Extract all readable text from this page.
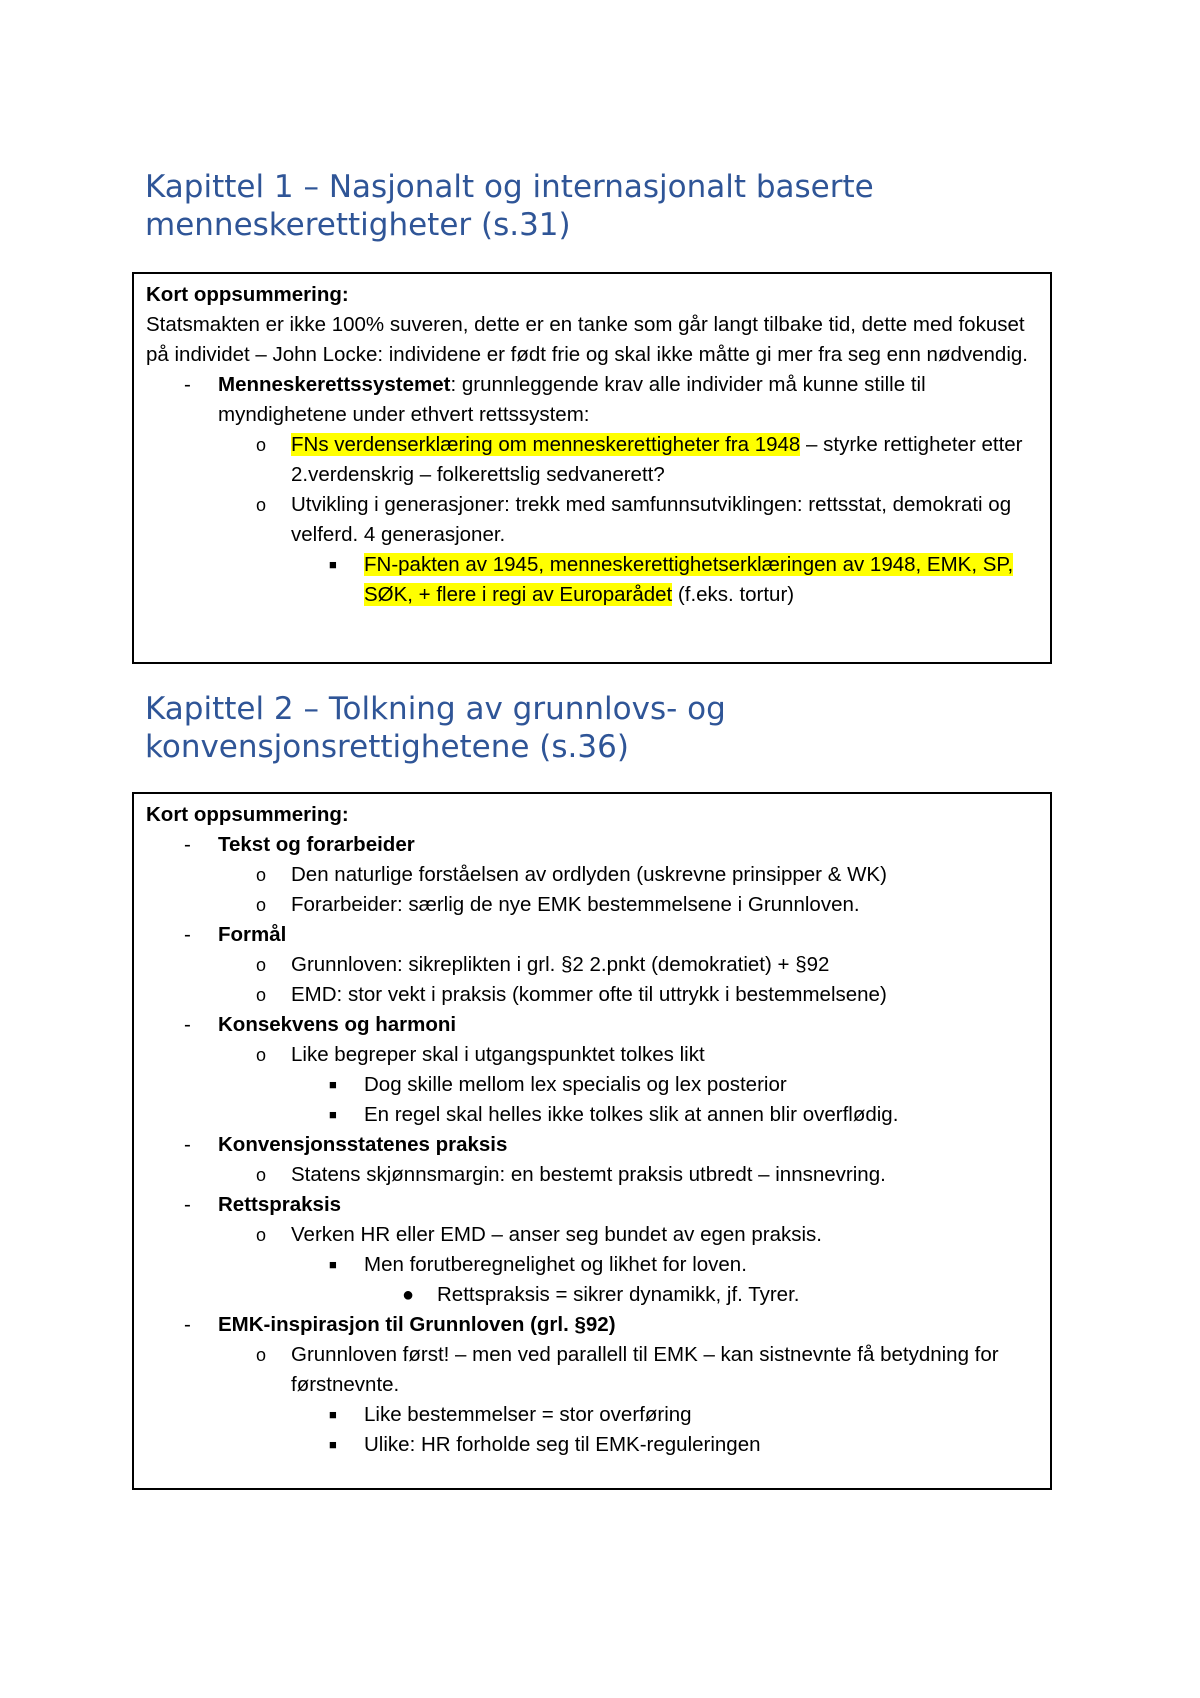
Kapittel 1 – Nasjonalt og internasjonalt baserte
menneskerettigheter (s.31)
Kort oppsummering:

Statsmakten er ikke 100% suveren, dette er en tanke som går langt tilbake tid, dette med fokuset på individet – John Locke: individene er født frie og skal ikke måtte gi mer fra seg enn nødvendig.

- Menneskerettssystemet: grunnleggende krav alle individer må kunne stille til myndighetene under ethvert rettssystem:
o FNs verdenserklæring om menneskerettigheter fra 1948 – styrke rettigheter etter 2.verdenskrig – folkerettslig sedvanerett?
o Utvikling i generasjoner: trekk med samfunnsutviklingen: rettsstat, demokrati og velferd. 4 generasjoner.
■ FN-pakten av 1945, menneskerettighetserklæringen av 1948, EMK, SP, SØK, + flere i regi av Europarådet (f.eks. tortur)
Kapittel 2 – Tolkning av grunnlovs- og
konvensjonsrettighetene (s.36)
Kort oppsummering:
- Tekst og forarbeider
o Den naturlige forståelsen av ordlyden (uskrevne prinsipper & WK)
o Forarbeider: særlig de nye EMK bestemmelsene i Grunnloven.
- Formål
o Grunnloven: sikreplikten i grl. §2 2.pnkt (demokratiet) + §92
o EMD: stor vekt i praksis (kommer ofte til uttrykk i bestemmelsene)
- Konsekvens og harmoni
o Like begreper skal i utgangspunktet tolkes likt
■ Dog skille mellom lex specialis og lex posterior
■ En regel skal helles ikke tolkes slik at annen blir overflødig.
- Konvensjonsstatenes praksis
o Statens skjønnsmargin: en bestemt praksis utbredt – innsnevring.
- Rettspraksis
o Verken HR eller EMD – anser seg bundet av egen praksis.
■ Men forutberegnelighet og likhet for loven.
● Rettspraksis = sikrer dynamikk, jf. Tyrer.
- EMK-inspirasjon til Grunnloven (grl. §92)
o Grunnloven først! – men ved parallell til EMK – kan sistnevnte få betydning for førstnevnte.
■ Like bestemmelser = stor overføring
■ Ulike: HR forholde seg til EMK-reguleringen
